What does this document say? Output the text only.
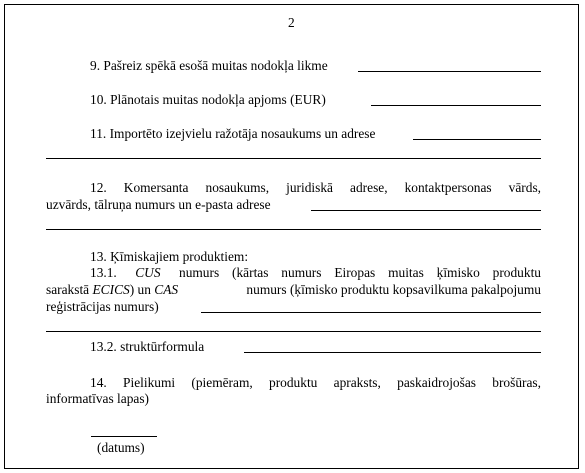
2
9. Pašreiz spēkā esošā muitas nodokļa likme
10. Plānotais muitas nodokļa apjoms (EUR)
11. Importēto izejvielu ražotāja nosaukums un adrese
12. Komersanta nosaukums, juridiskā adrese, kontaktpersonas vārds,
uzvārds, tālruņa numurs un e-pasta adrese
13. Ķīmiskajiem produktiem:
13.1. CUS numurs (kārtas numurs Eiropas muitas ķīmisko produktu
sarakstā ECICS) un CAS	numurs (ķīmisko produktu kopsavilkuma pakalpojumu
reģistrācijas numurs)
13.2. struktūrformula
14. Pielikumi (piemēram, produktu apraksts, paskaidrojošas brošūras,
informatīvas lapas)
(datums)
